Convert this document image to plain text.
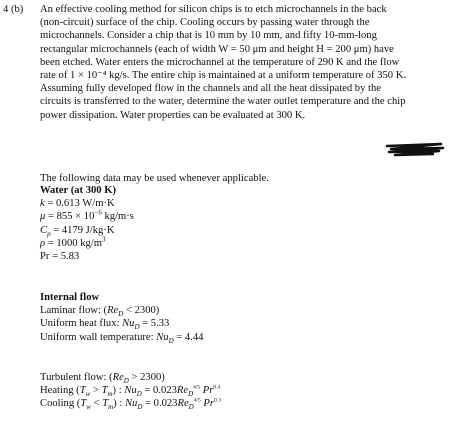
4 (b) An effective cooling method for silicon chips is to etch microchannels in the back
(non-circuit) surface of the chip. Cooling occurs by passing water through the
microchannels. Consider a chip that is 10 mm by 10 mm, and fifty 10-mm-long
rectangular microchannels (each of width W = 50 μm and height H = 200 μm) have
been etched. Water enters the microchannel at the temperature of 290 K and the flow
rate of 1 × 10⁻⁴ kg/s. The entire chip is maintained at a uniform temperature of 350 K.
Assuming fully developed flow in the channels and all the heat dissipated by the
circuits is transferred to the water, determine the water outlet temperature and the chip
power dissipation. Water properties can be evaluated at 300 K.
The following data may be used whenever applicable.
Water (at 300 K)
k = 0.613 W/m·K
$\mu = 855 \times 10^{-6}$ kg/m·s
$C_p = 4179$ J/kg·K
ρ = 1000 $kg/m^3$
Pr = 5.83
Internal flow
Laminar flow: $(Re_D < 2300)$
Uniform heat flux: $Nu_D = 5.33$
Uniform wall temperature: $Nu_D = 4.44$
Turbulent flow: $(Re_D > 2300)$
Heating $(T_w > T_m)$ : $Nu_D = 0.023Re_D^{4/5}$ $Pr^{0.4}$
Cooling $(T_w < T_m)$ : $Nu_D = 0.023Re_D^{4/5}$ $Pr^{0.3}$
